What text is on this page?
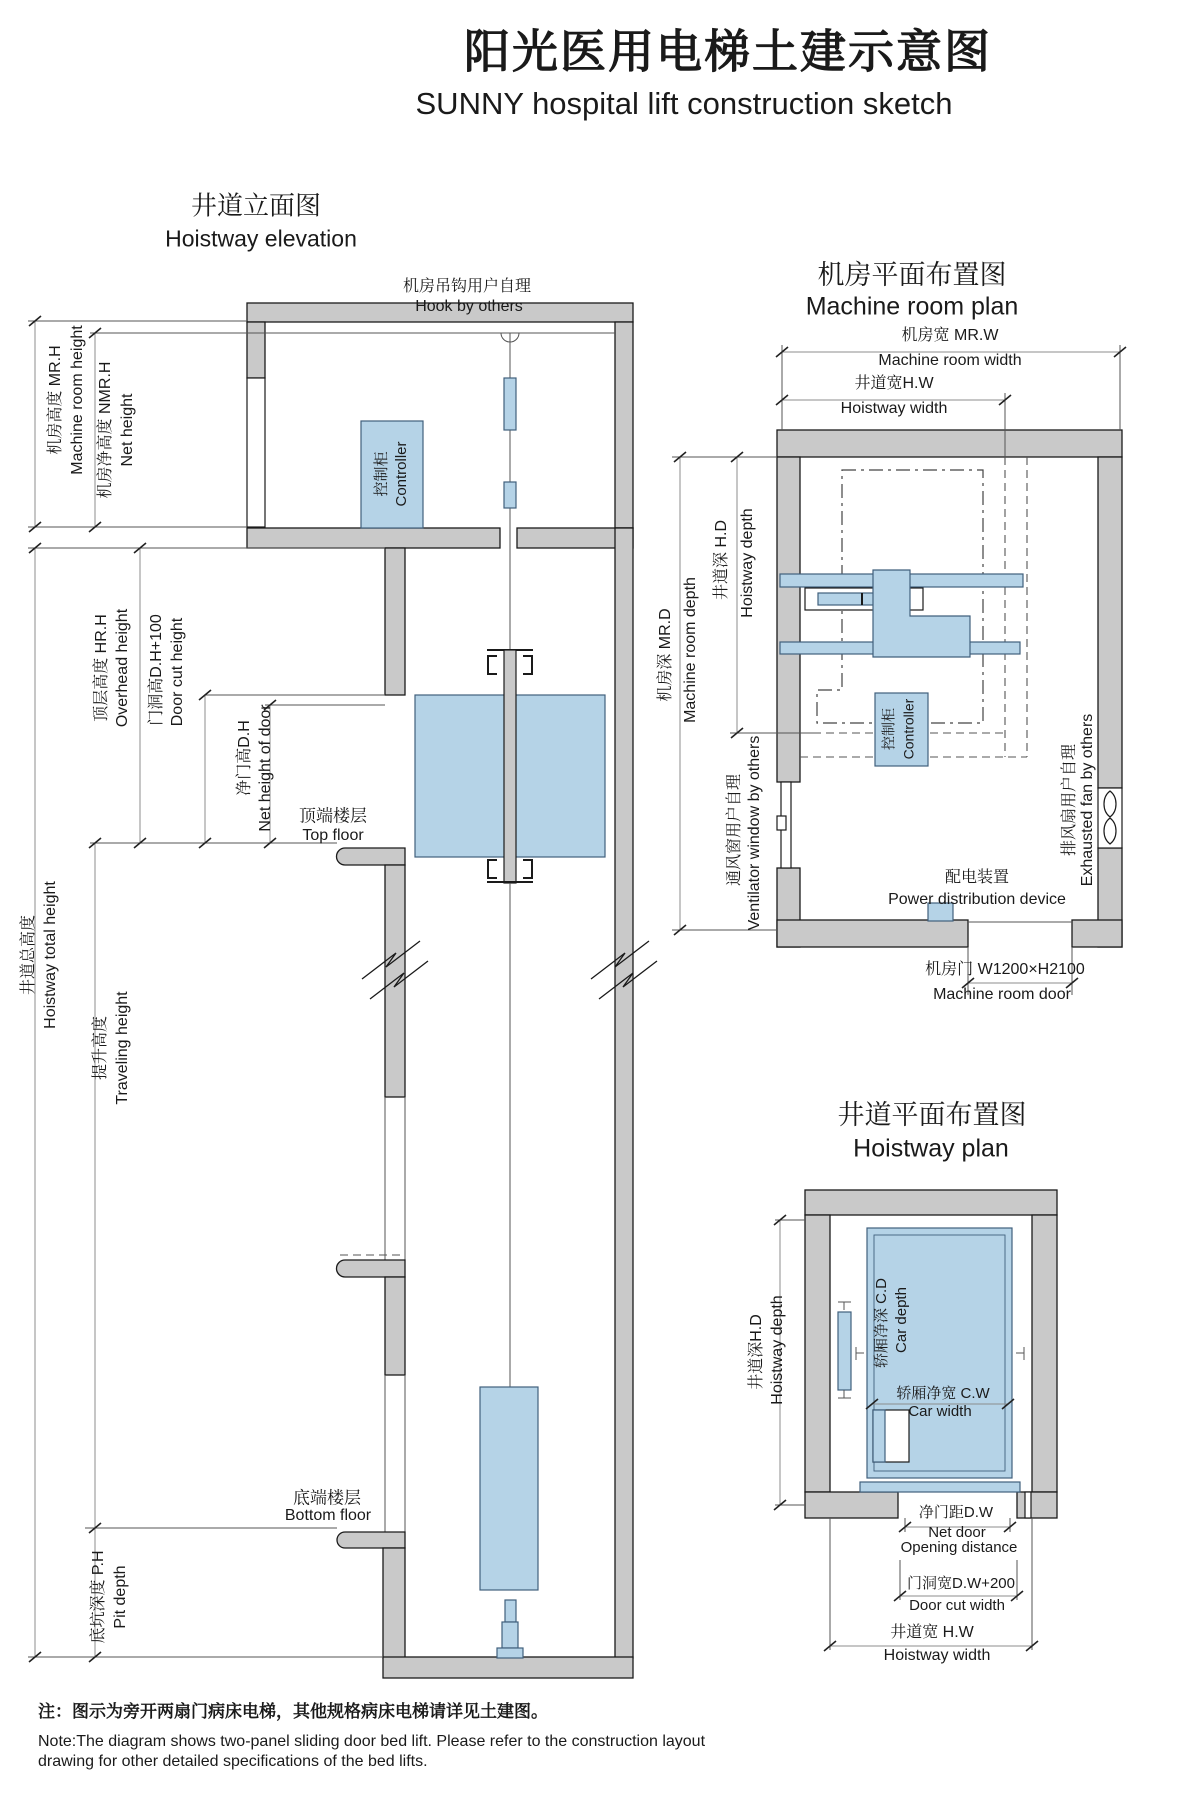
阳光医用电梯土建示意图
SUNNY hospital lift construction sketch
井道立面图
Hoistway elevation
机房吊钩用户自理
Hook by others
控制柜 Controller
机房高度 MR.H Machine room height 机房净高度 NMR.H Net height
井道总高度 Hoistway total height
顶层高度 HR.H Overhead height 门洞高D.H+100 Door cut height
净门高D.H Net height of door 顶端楼层
Top floor
提升高度 Traveling height
底端楼层
Bottom floor
底坑深度 P.H Pit depth
机房平面布置图
Machine room plan
机房宽 MR.W
Machine room width
井道宽H.W
Hoistway width
机房深 MR.D Machine room depth
井道深 H.D Hoistway depth
通风窗用户自理 Ventilator window by others	排风扇用户自理 Exhausted fan by others
控制柜 Controller
配电装置
Power distribution device
机房门 W1200×H2100
Machine room door
井道平面布置图
Hoistway plan
井道深H.D Hoistway depth	轿厢净深 C.D Car depth
轿厢净宽 C.W
Car width
净门距D.W
Net door
Opening distance
门洞宽D.W+200
Door cut width
井道宽 H.W
Hoistway width
注：图示为旁开两扇门病床电梯，其他规格病床电梯请详见土建图。
Note:The diagram shows two-panel sliding door bed lift. Please refer to the construction layout
drawing for other detailed specifications of the bed lifts.
